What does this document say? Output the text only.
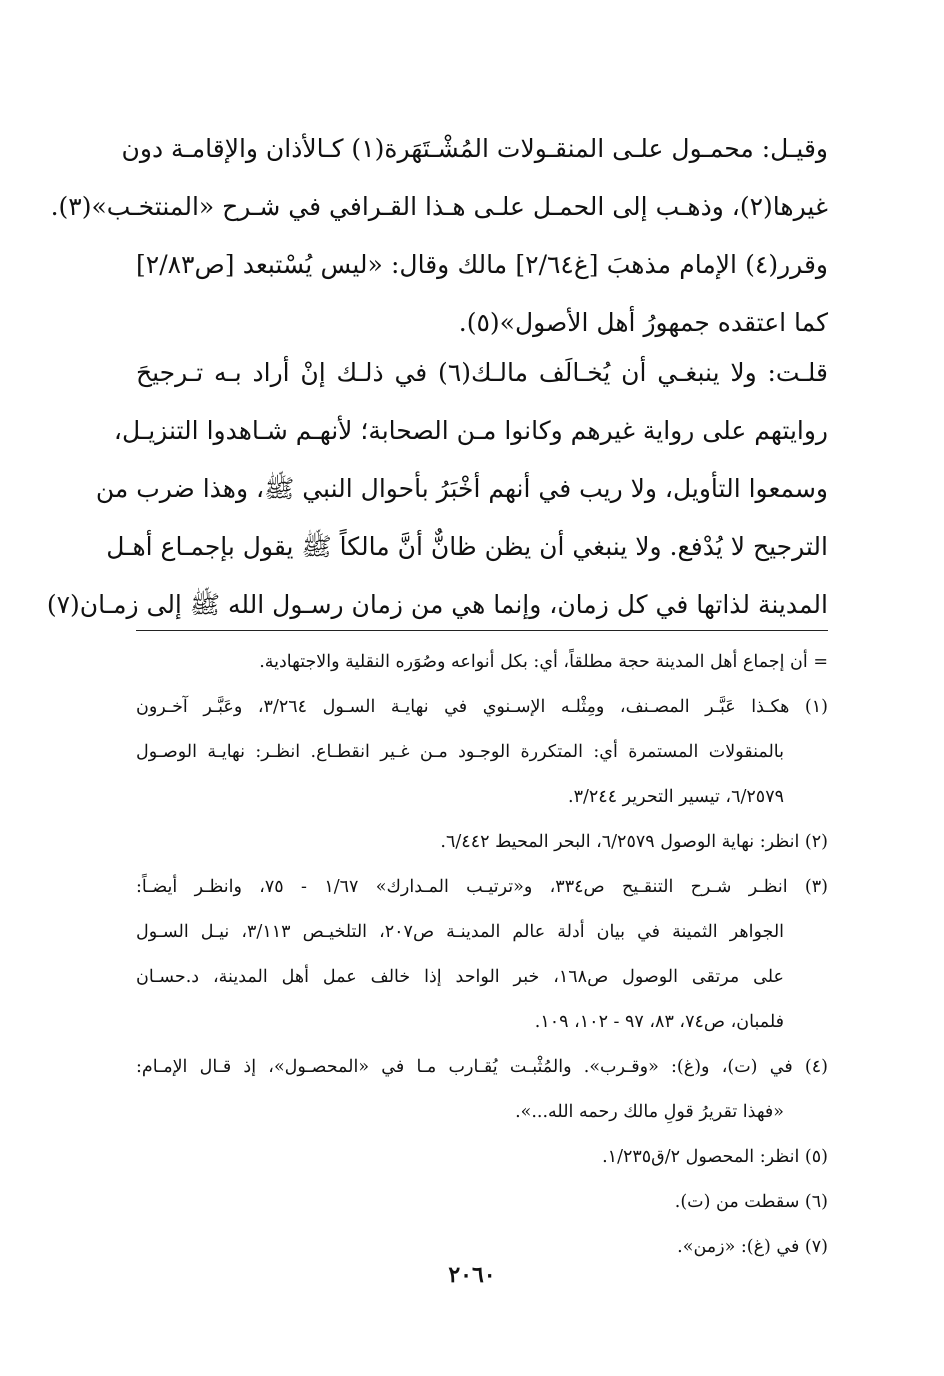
وقيـل: محمـول علـى المنقـولات المُشْـتَهَرة(١) كـالأذان والإقامـة دون
غيرها(٢)، وذهـب إلى الحمـل علـى هـذا القـرافي في شـرح «المنتخـب»(٣).
وقرر(٤) الإمام مذهبَ [غ٢/٦٤] مالك وقال: «ليس يُسْتبعد [ص٢/٨٣]
كما اعتقده جمهورُ أهل الأصول»(٥).
قلـت: ولا ينبغـي أن يُخـالَف مالـك(٦) في ذلـك إنْ أراد بـه تـرجيحَ
روايتهم على رواية غيرهم وكانوا مـن الصحابة؛ لأنهـم شـاهدوا التنزيـل،
وسمعوا التأويل، ولا ريب في أنهم أخْبَرُ بأحوال النبي ﷺ، وهذا ضرب من
الترجيح لا يُدْفع. ولا ينبغي أن يظن ظانٌّ أنَّ مالكاً ﷺ يقول بإجمـاع أهـل
المدينة لذاتها في كل زمان، وإنما هي من زمان رسـول الله ﷺ إلى زمـان(٧)
= أن إجماع أهل المدينة حجة مطلقاً، أي: بكل أنواعه وصُوَره النقلية والاجتهادية.
(١) هكـذا عَبَّـر المصـنف، ومِثْلـه الإسـنوي في نهايـة السـول ٣/٢٦٤، وعَبَّـر آخـرون
بالمنقولات المستمرة أي: المتكررة الوجـود مـن غـير انقطـاع. انظـر: نهايـة الوصـول
٦/٢٥٧٩، تيسير التحرير ٣/٢٤٤.
(٢) انظر: نهاية الوصول ٦/٢٥٧٩، البحر المحيط ٦/٤٤٢.
(٣) انظـر شـرح التنقـيح ص٣٣٤، و«ترتيـب المـدارك» ١/٦٧ - ٧٥، وانظـر أيضـاً:
الجواهر الثمينة في بيان أدلة عالم المدينـة ص٢٠٧، التلخيـص ٣/١١٣، نيـل السـول
على مرتقى الوصول ص١٦٨، خبر الواحد إذا خالف عمل أهل المدينة، د.حسـان
فلمبان، ص٧٤، ٨٣، ٩٧ - ١٠٢، ١٠٩.
(٤) في (ت)، و(غ): «وقـرب». والمُثْبـت يُقـارب مـا في «المحصـول»، إذ قـال الإمـام:
«فهذا تقريرُ قولِ مالك رحمه الله...».
(٥) انظر: المحصول ٢/ق١/٢٣٥.
(٦) سقطت من (ت).
(٧) في (غ): «زمن».
٢٠٦٠
